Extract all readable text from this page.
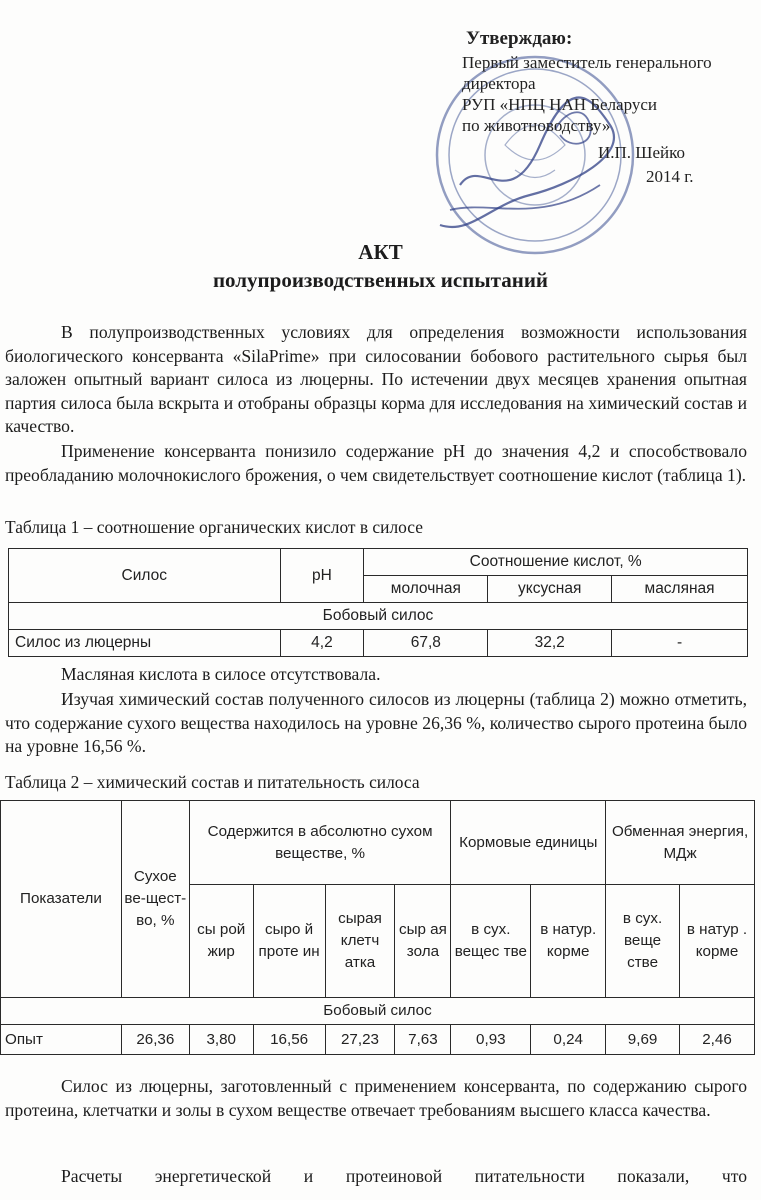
Утверждаю:
Первый заместитель генерального
директора
РУП «НПЦ НАН Беларуси
по животноводству»
И.П. Шейко
2014 г.
АКТ
полупроизводственных испытаний
В полупроизводственных условиях для определения возможности использования биологического консерванта «SilaPrime» при силосовании бобового растительного сырья был заложен опытный вариант силоса из люцерны. По истечении двух месяцев хранения опытная партия силоса была вскрыта и отобраны образцы корма для исследования на химический состав и качество.
Применение консерванта понизило содержание рН до значения 4,2 и способствовало преобладанию молочнокислого брожения, о чем свидетельствует соотношение кислот (таблица 1).
Таблица 1 – соотношение органических кислот в силосе
Силос	pH	Соотношение кислот, %		
		молочная	уксусная	масляная
Бобовый силос				
Силос из люцерны	4,2	67,8	32,2	-
Масляная кислота в силосе отсутствовала.
Изучая химический состав полученного силосов из люцерны (таблица 2) можно отметить, что содержание сухого вещества находилось на уровне 26,36 %, количество сырого протеина было на уровне 16,56 %.
Таблица 2 – химический состав и питательность силоса
Показатели	Сухое ве-щест-во, %	Содержится в абсолютно сухом веществе, %				Кормовые единицы		Обменная энергия, МДж	
		сы рой жир	сыро й проте ин	сырая клетч атка	сыр ая зола	в сух. вещес тве	в натур. корме	в сух. веще стве	в натур . корме
Бобовый силос									
Опыт	26,36	3,80	16,56	27,23	7,63	0,93	0,24	9,69	2,46
Силос из люцерны, заготовленный с применением консерванта, по содержанию сырого протеина, клетчатки и золы в сухом веществе отвечает требованиям высшего класса качества.
Расчеты энергетической и протеиновой питательности показали, что
